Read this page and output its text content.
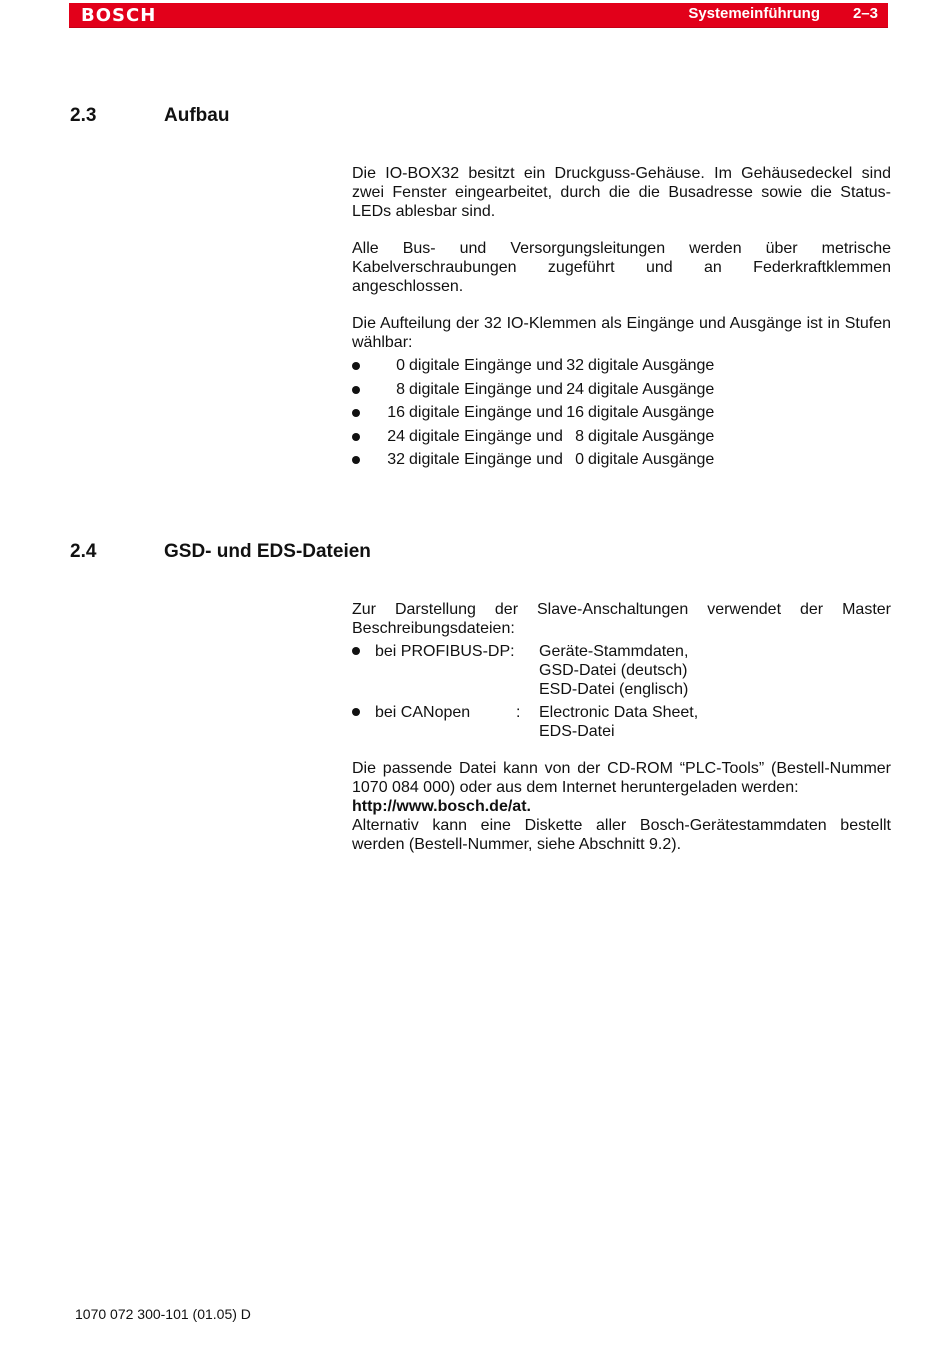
BOSCH	Systemeinführung 2–3
2.3	Aufbau

Die IO-BOX32 besitzt ein Druckguss-Gehäuse. Im Gehäusedeckel sind zwei Fenster eingearbeitet, durch die die Busadresse sowie die Status-LEDs ablesbar sind.

Alle Bus- und Versorgungsleitungen werden über metrische Kabelverschraubungen zugeführt und an Federkraftklemmen angeschlossen.

Die Aufteilung der 32 IO-Klemmen als Eingänge und Ausgänge ist in Stufen wählbar:

0 digitale Eingänge und 32 digitale Ausgänge
8 digitale Eingänge und 24 digitale Ausgänge
16 digitale Eingänge und 16 digitale Ausgänge
24 digitale Eingänge und 8 digitale Ausgänge
32 digitale Eingänge und 0 digitale Ausgänge
2.4	GSD- und EDS-Dateien

Zur Darstellung der Slave-Anschaltungen verwendet der Master Beschreibungsdateien:

bei PROFIBUS-DP: Geräte-Stammdaten,
GSD-Datei (deutsch)
ESD-Datei (englisch)
bei CANopen	: Electronic Data Sheet,
EDS-Datei

Die passende Datei kann von der CD-ROM “PLC-Tools” (Bestell-Nummer 1070 084 000) oder aus dem Internet heruntergeladen werden:
http://www.bosch.de/at.

Alternativ kann eine Diskette aller Bosch-Gerätestammdaten bestellt werden (Bestell-Nummer, siehe Abschnitt 9.2).

1070 072 300-101 (01.05) D
